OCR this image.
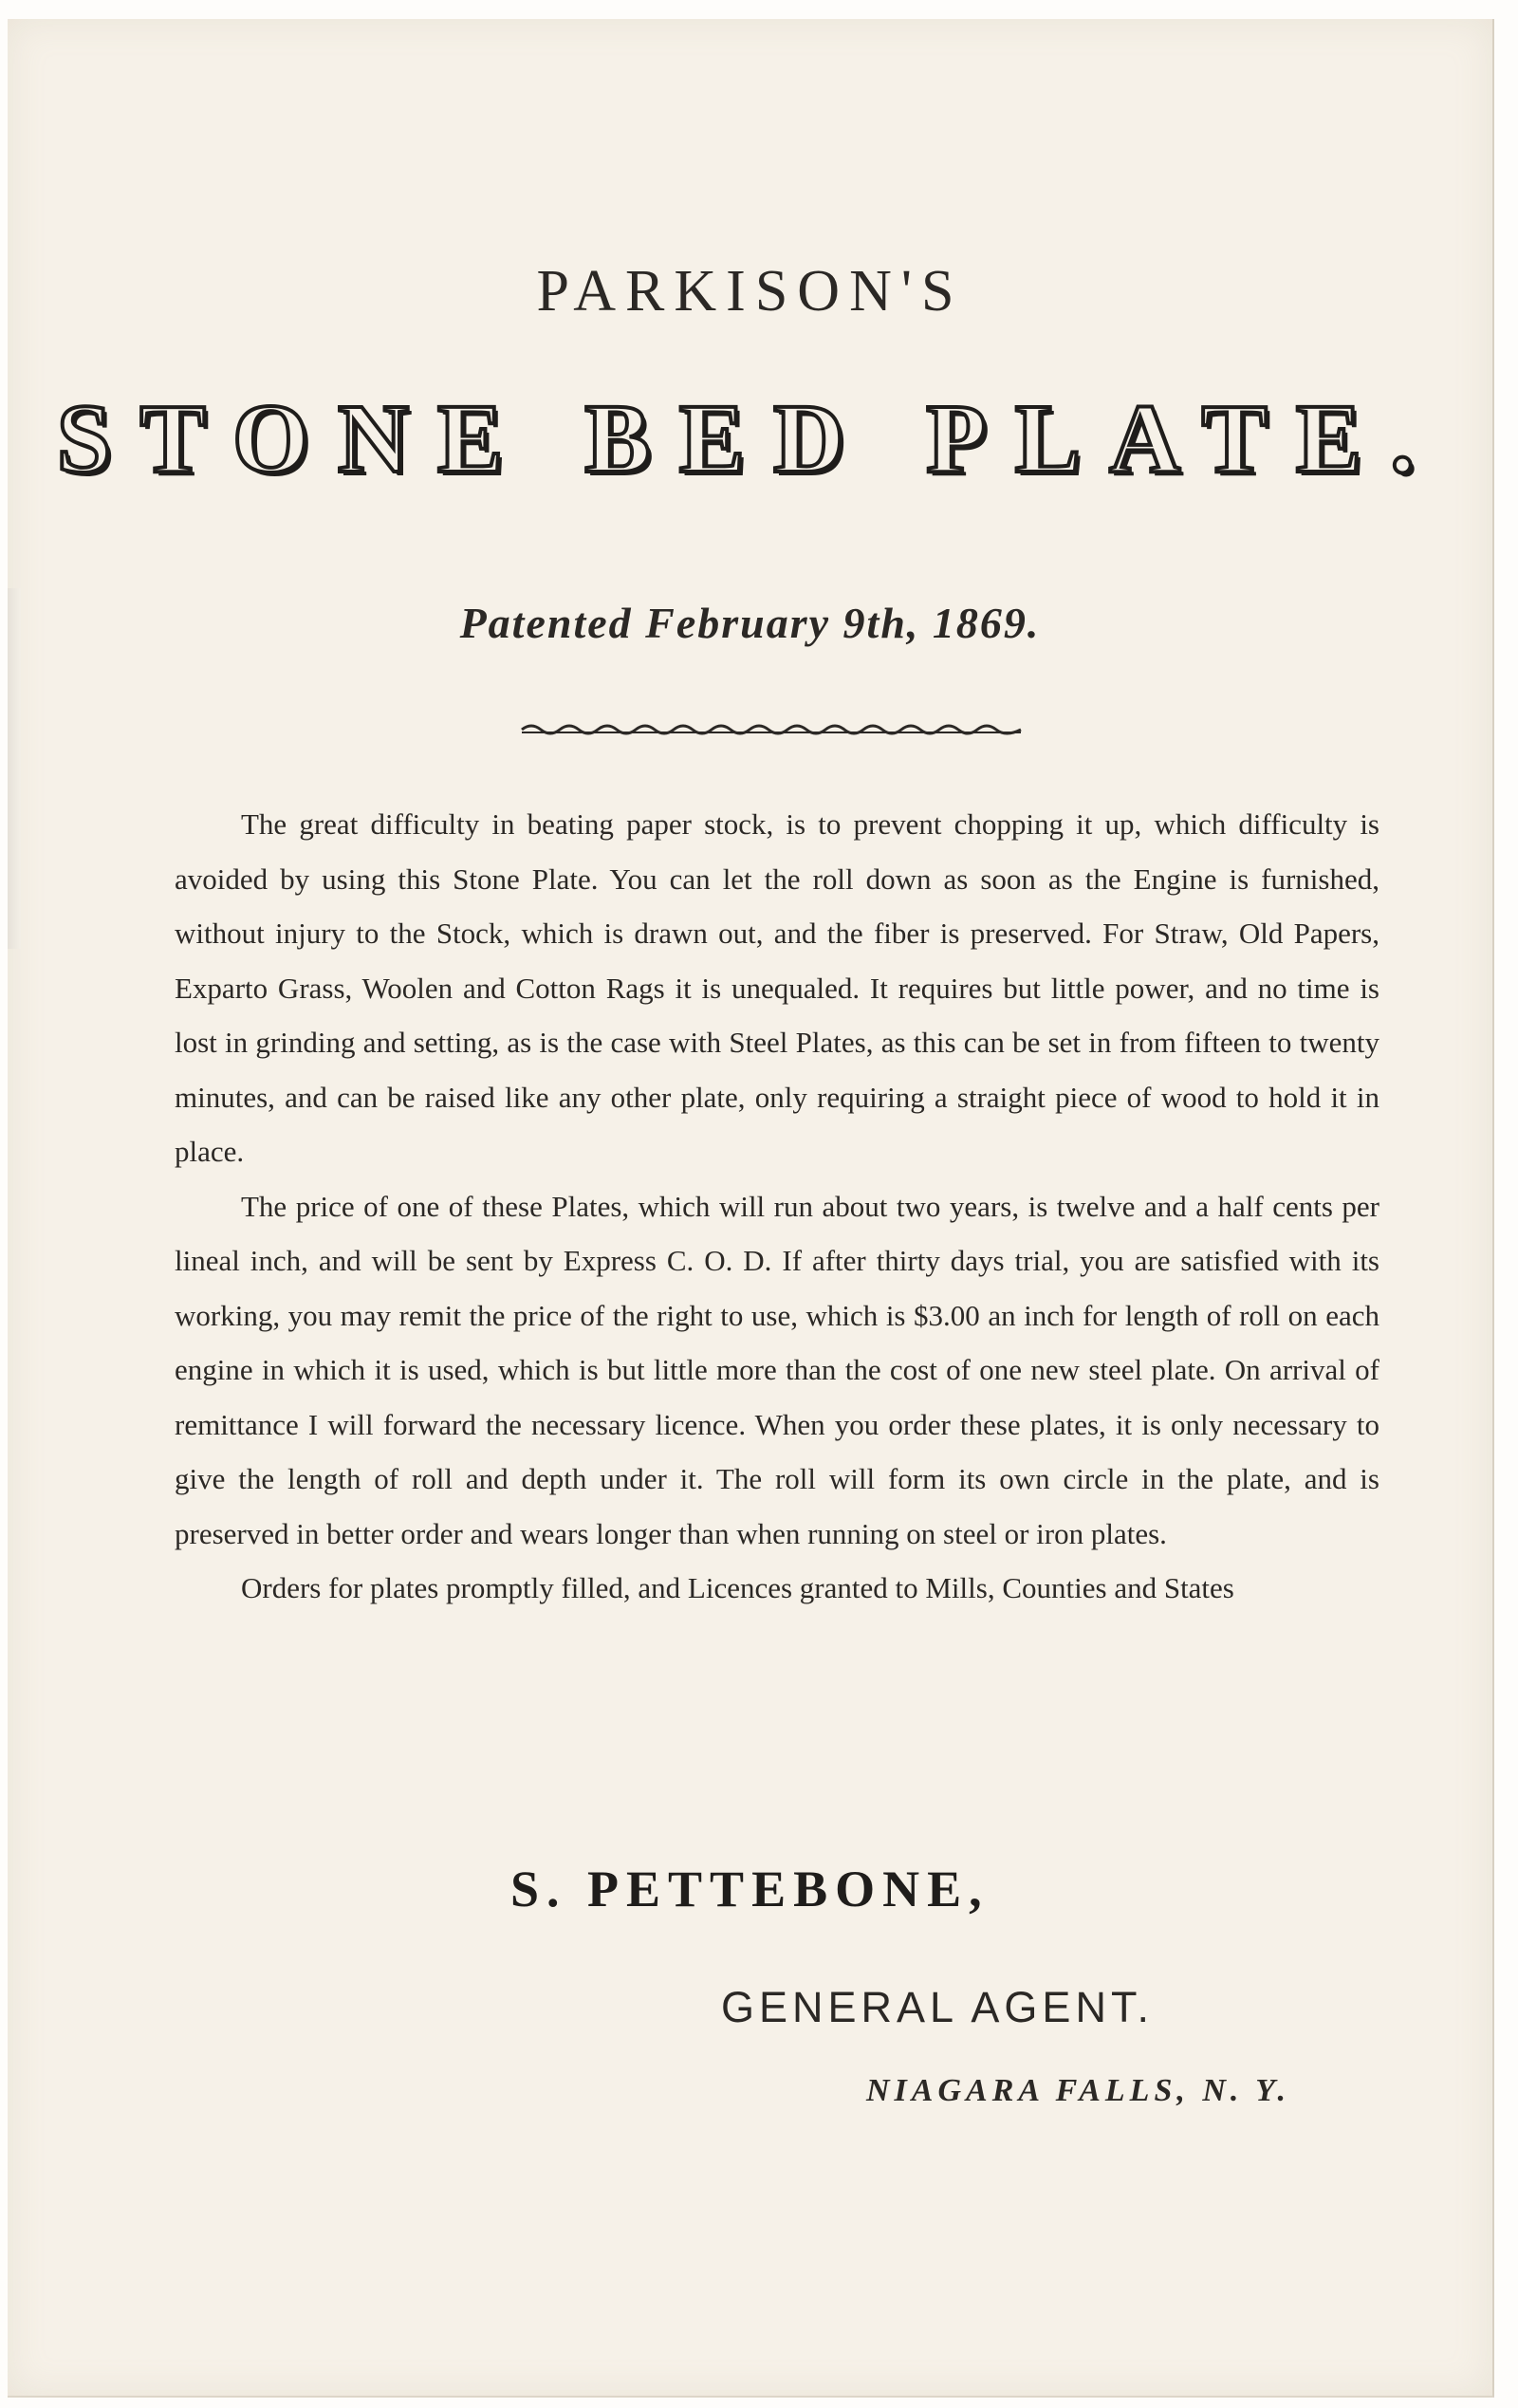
PARKISON'S
STONE BED PLATE.
Patented February 9th, 1869.

The great difficulty in beating paper stock, is to prevent chopping it up, which difficulty is avoided by using this Stone Plate. You can let the roll down as soon as the Engine is furnished, without injury to the Stock, which is drawn out, and the fiber is preserved. For Straw, Old Papers, Exparto Grass, Woolen and Cotton Rags it is unequaled. It requires but little power, and no time is lost in grinding and setting, as is the case with Steel Plates, as this can be set in from fifteen to twenty minutes, and can be raised like any other plate, only requiring a straight piece of wood to hold it in place.

The price of one of these Plates, which will run about two years, is twelve and a half cents per lineal inch, and will be sent by Express C. O. D. If after thirty days trial, you are satisfied with its working, you may remit the price of the right to use, which is $3.00 an inch for length of roll on each engine in which it is used, which is but little more than the cost of one new steel plate. On arrival of remittance I will forward the necessary licence. When you order these plates, it is only necessary to give the length of roll and depth under it. The roll will form its own circle in the plate, and is preserved in better order and wears longer than when running on steel or iron plates.

Orders for plates promptly filled, and Licences granted to Mills, Counties and States

S. PETTEBONE,
GENERAL AGENT.
NIAGARA FALLS, N. Y.
